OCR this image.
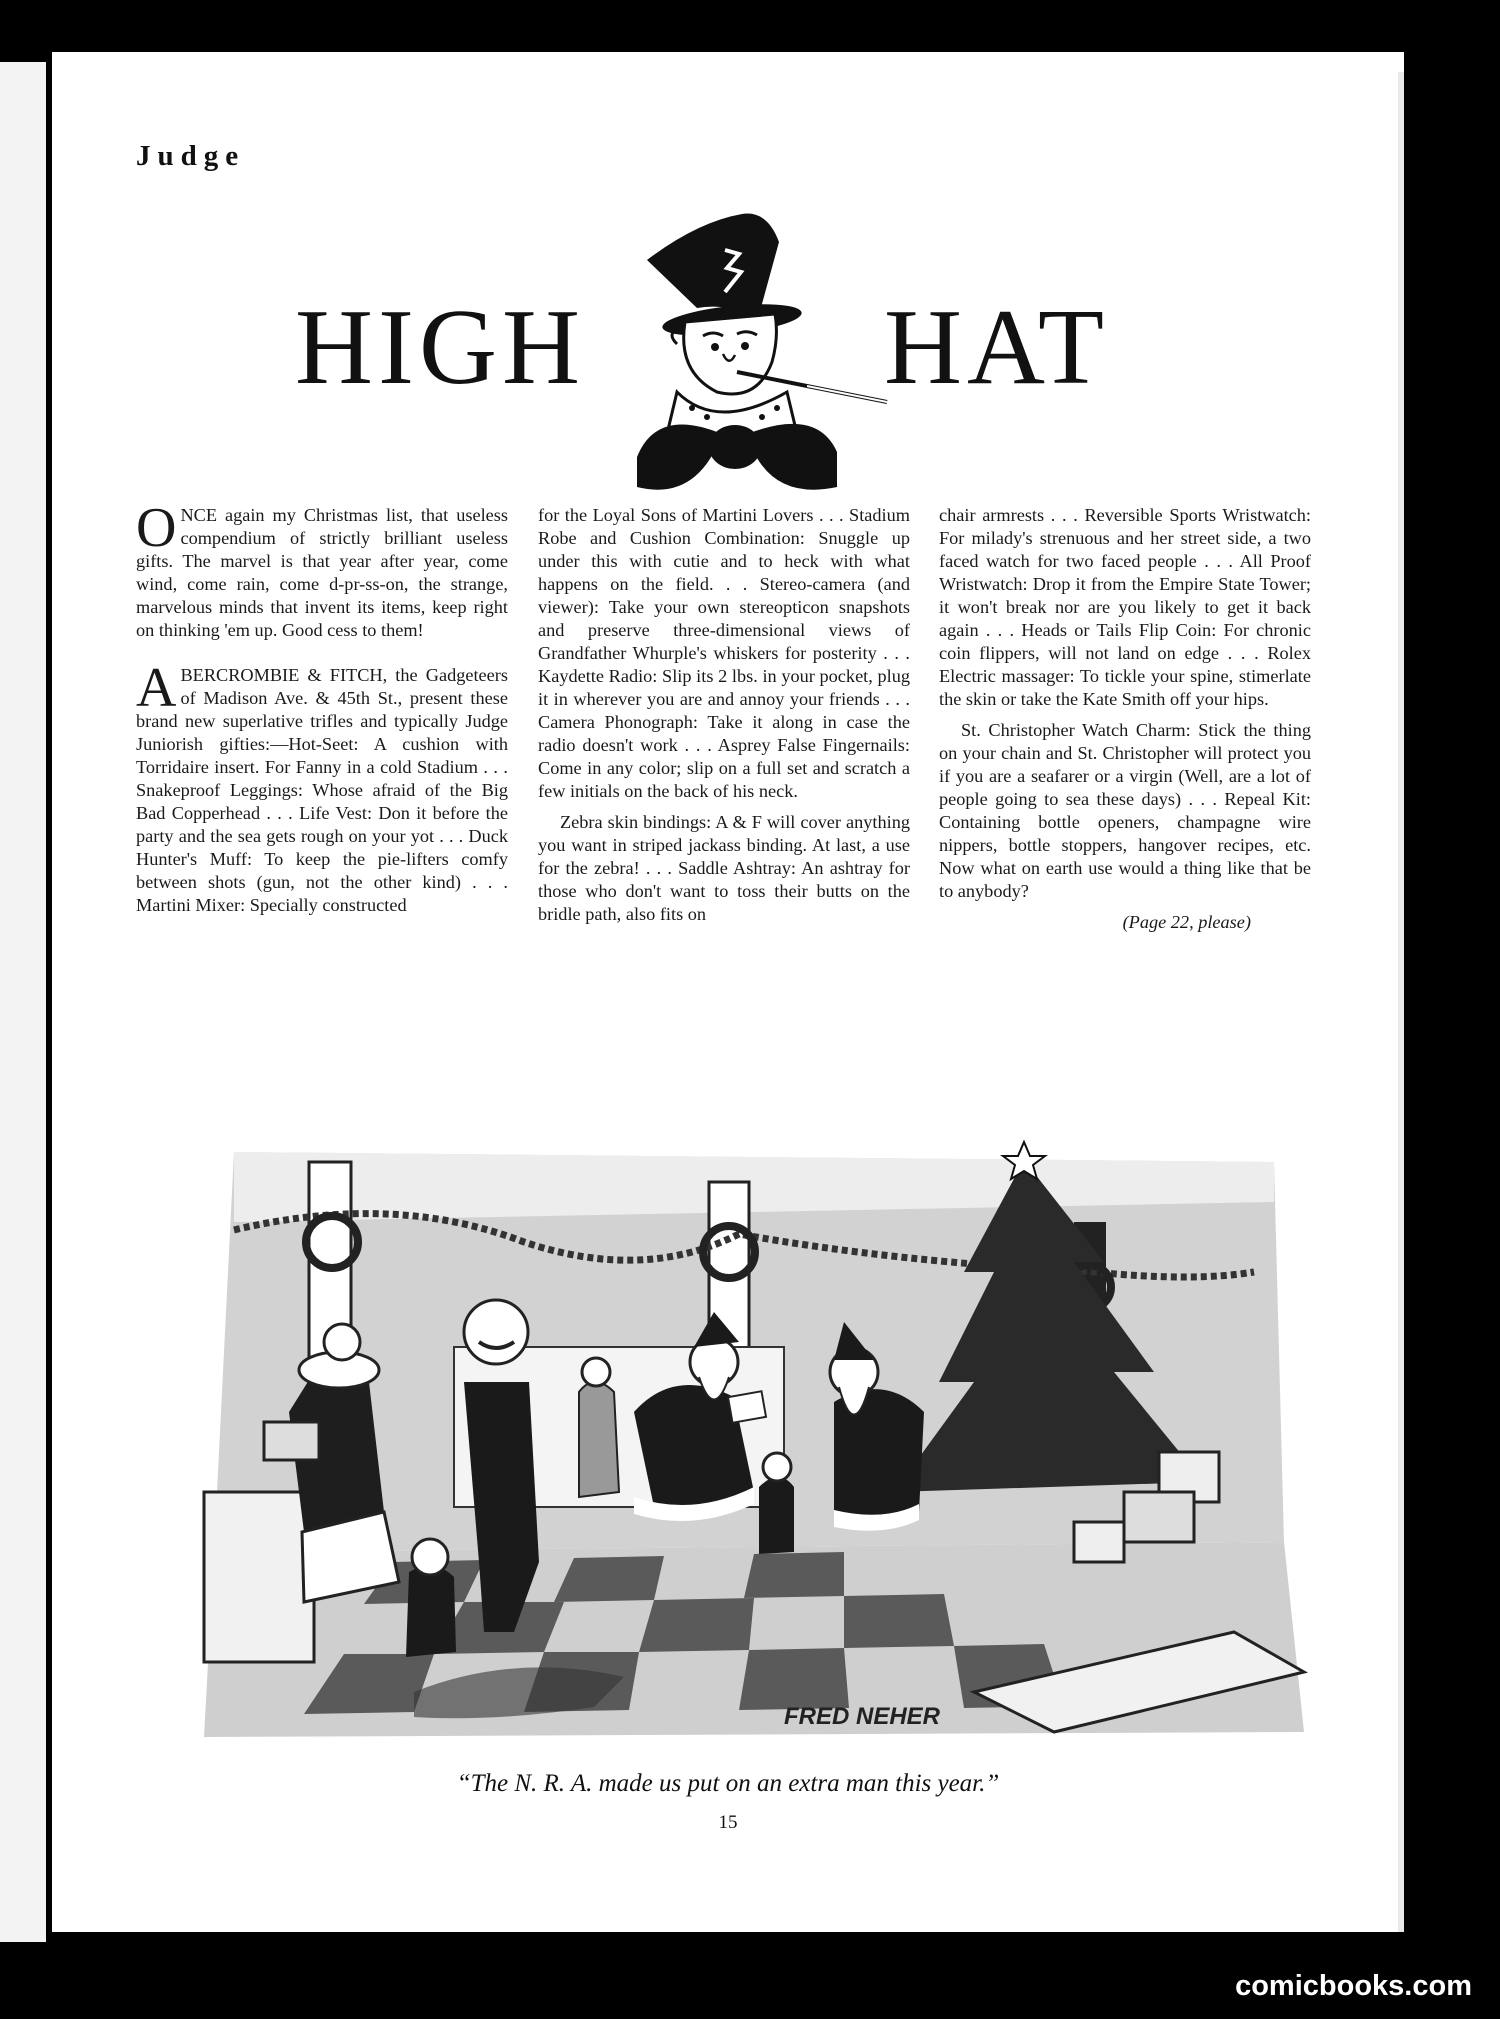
Judge
HIGH	HAT

ONCE again my Christmas list, that useless compendium of strictly brilliant useless gifts. The marvel is that year after year, come wind, come rain, come d-pr-ss-on, the strange, marvelous minds that invent its items, keep right on thinking 'em up. Good cess to them!

ABERCROMBIE & FITCH, the Gadgeteers of Madison Ave. & 45th St., present these brand new superlative trifles and typically Judge Juniorish gifties:—Hot-Seet: A cushion with Torridaire insert. For Fanny in a cold Stadium . . . Snakeproof Leggings: Whose afraid of the Big Bad Copperhead . . . Life Vest: Don it before the party and the sea gets rough on your yot . . . Duck Hunter's Muff: To keep the pie-lifters comfy between shots (gun, not the other kind) . . . Martini Mixer: Specially constructed

for the Loyal Sons of Martini Lovers . . . Stadium Robe and Cushion Combination: Snuggle up under this with cutie and to heck with what happens on the field. . . Stereo-camera (and viewer): Take your own stereopticon snapshots and preserve three-dimensional views of Grandfather Whurple's whiskers for posterity . . . Kaydette Radio: Slip its 2 lbs. in your pocket, plug it in wherever you are and annoy your friends . . . Camera Phonograph: Take it along in case the radio doesn't work . . . Asprey False Fingernails: Come in any color; slip on a full set and scratch a few initials on the back of his neck.

Zebra skin bindings: A & F will cover anything you want in striped jackass binding. At last, a use for the zebra! . . . Saddle Ashtray: An ashtray for those who don't want to toss their butts on the bridle path, also fits on

chair armrests . . . Reversible Sports Wristwatch: For milady's strenuous and her street side, a two faced watch for two faced people . . . All Proof Wristwatch: Drop it from the Empire State Tower; it won't break nor are you likely to get it back again . . . Heads or Tails Flip Coin: For chronic coin flippers, will not land on edge . . . Rolex Electric massager: To tickle your spine, stimerlate the skin or take the Kate Smith off your hips.

St. Christopher Watch Charm: Stick the thing on your chain and St. Christopher will protect you if you are a seafarer or a virgin (Well, are a lot of people going to sea these days) . . . Repeal Kit: Containing bottle openers, champagne wire nippers, bottle stoppers, hangover recipes, etc. Now what on earth use would a thing like that be to anybody?

(Page 22, please)

FRED NEHER
“The N. R. A. made us put on an extra man this year.”
15
comicbooks.com
